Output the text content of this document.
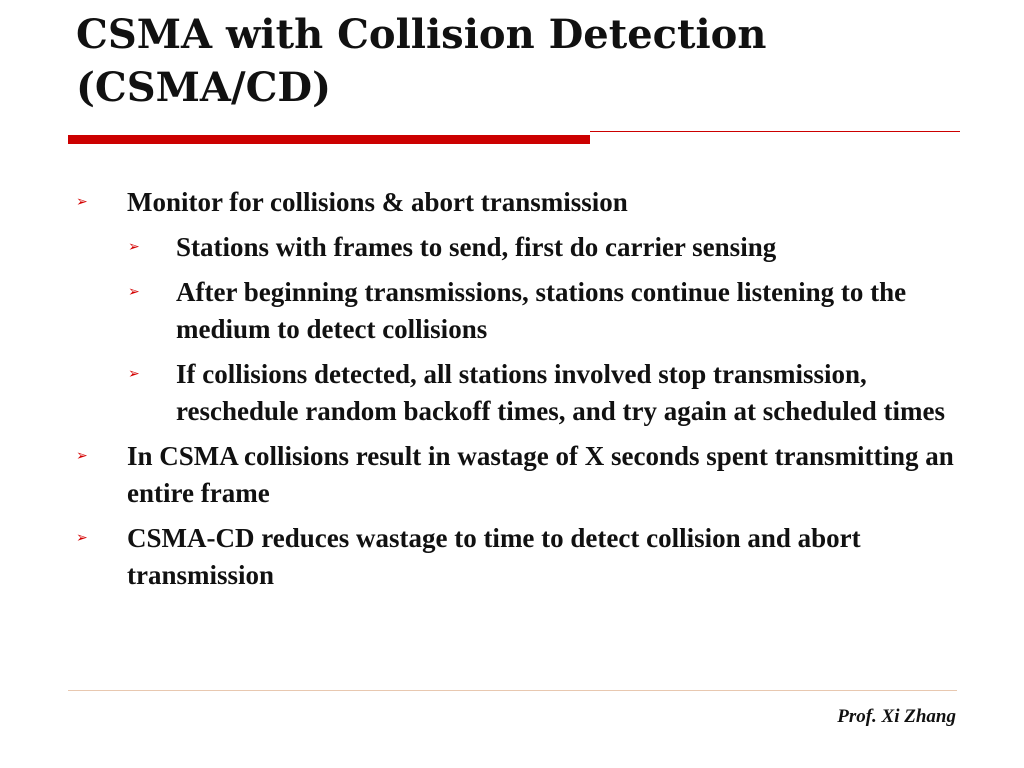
CSMA with Collision Detection
(CSMA/CD)
➢ Monitor for collisions & abort transmission
➢ Stations with frames to send, first do carrier sensing
➢ After beginning transmissions, stations continue listening to the medium to detect collisions
➢ If collisions detected, all stations involved stop transmission, reschedule random backoff times, and try again at scheduled times
➢ In CSMA collisions result in wastage of X seconds spent transmitting an entire frame
➢ CSMA-CD reduces wastage to time to detect collision and abort transmission
Prof. Xi Zhang
